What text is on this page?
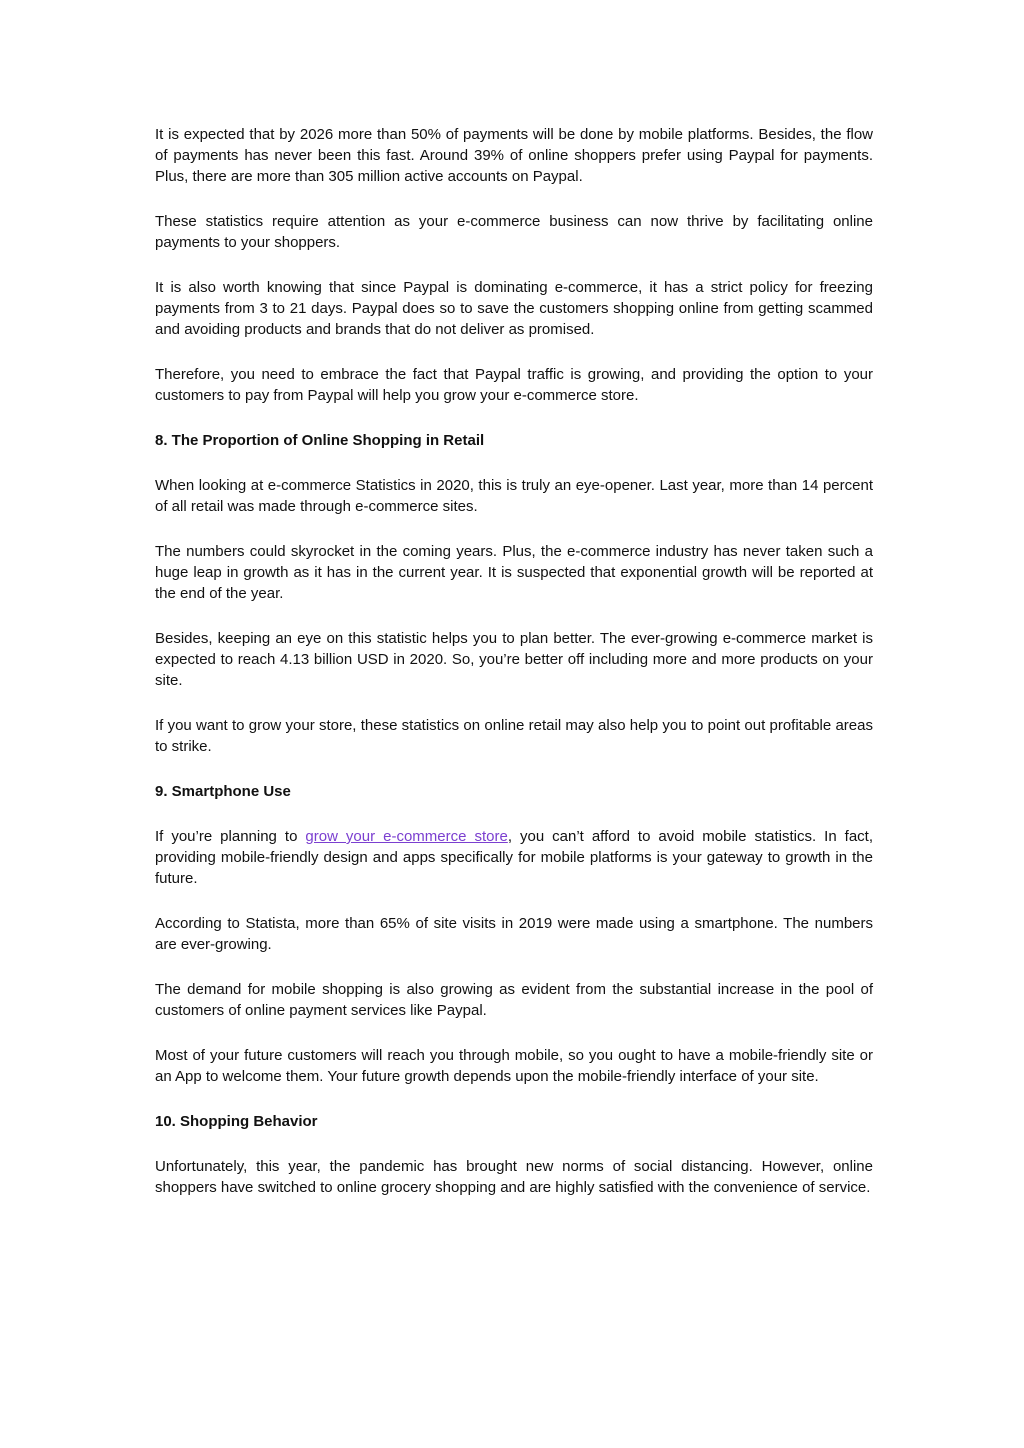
It is expected that by 2026 more than 50% of payments will be done by mobile platforms. Besides, the flow of payments has never been this fast. Around 39% of online shoppers prefer using Paypal for payments. Plus, there are more than 305 million active accounts on Paypal.

These statistics require attention as your e-commerce business can now thrive by facilitating online payments to your shoppers.

It is also worth knowing that since Paypal is dominating e-commerce, it has a strict policy for freezing payments from 3 to 21 days. Paypal does so to save the customers shopping online from getting scammed and avoiding products and brands that do not deliver as promised.

Therefore, you need to embrace the fact that Paypal traffic is growing, and providing the option to your customers to pay from Paypal will help you grow your e-commerce store.

8. The Proportion of Online Shopping in Retail

When looking at e-commerce Statistics in 2020, this is truly an eye-opener. Last year, more than 14 percent of all retail was made through e-commerce sites.

The numbers could skyrocket in the coming years. Plus, the e-commerce industry has never taken such a huge leap in growth as it has in the current year. It is suspected that exponential growth will be reported at the end of the year.

Besides, keeping an eye on this statistic helps you to plan better. The ever-growing e-commerce market is expected to reach 4.13 billion USD in 2020. So, you’re better off including more and more products on your site.

If you want to grow your store, these statistics on online retail may also help you to point out profitable areas to strike.

9. Smartphone Use

If you’re planning to grow your e-commerce store, you can’t afford to avoid mobile statistics. In fact, providing mobile-friendly design and apps specifically for mobile platforms is your gateway to growth in the future.

According to Statista, more than 65% of site visits in 2019 were made using a smartphone. The numbers are ever-growing.

The demand for mobile shopping is also growing as evident from the substantial increase in the pool of customers of online payment services like Paypal.

Most of your future customers will reach you through mobile, so you ought to have a mobile-friendly site or an App to welcome them. Your future growth depends upon the mobile-friendly interface of your site.

10. Shopping Behavior

Unfortunately, this year, the pandemic has brought new norms of social distancing. However, online shoppers have switched to online grocery shopping and are highly satisfied with the convenience of service.
